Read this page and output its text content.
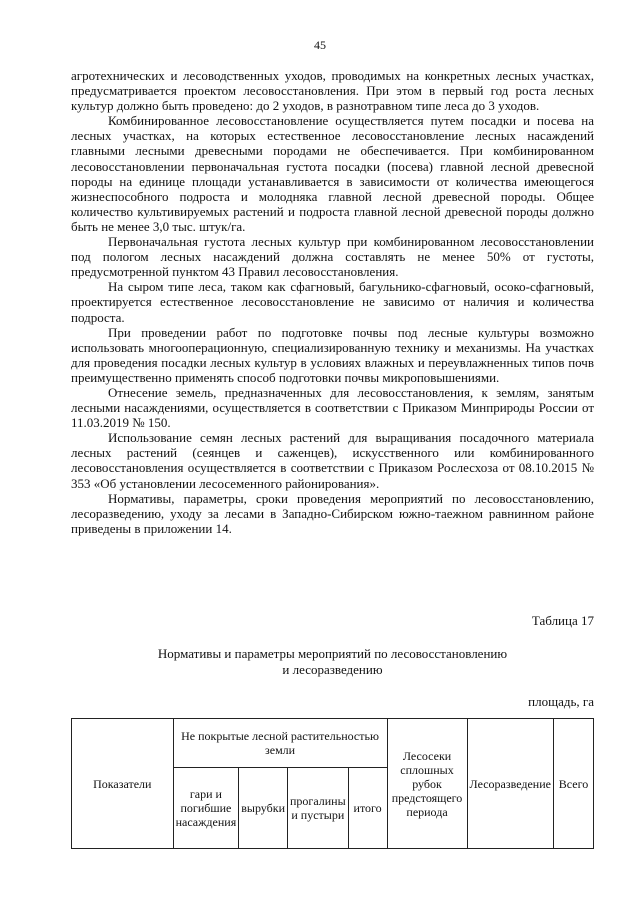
45

агротехнических и лесоводственных уходов, проводимых на конкретных лесных участках, предусматривается проектом лесовосстановления. При этом в первый год роста лесных культур должно быть проведено: до 2 уходов, в разнотравном типе леса до 3 уходов.

Комбинированное лесовосстановление осуществляется путем посадки и посева на лесных участках, на которых естественное лесовосстановление лесных насаждений главными лесными древесными породами не обеспечивается. При комбинированном лесовосстановлении первоначальная густота посадки (посева) главной лесной древесной породы на единице площади устанавливается в зависимости от количества имеющегося жизнеспособного подроста и молодняка главной лесной древесной породы. Общее количество культивируемых растений и подроста главной лесной древесной породы должно быть не менее 3,0 тыс. штук/га.

Первоначальная густота лесных культур при комбинированном лесовосстановлении под пологом лесных насаждений должна составлять не менее 50% от густоты, предусмотренной пунктом 43 Правил лесовосстановления.

На сыром типе леса, таком как сфагновый, багульнико-сфагновый, осоко-сфагновый, проектируется естественное лесовосстановление не зависимо от наличия и количества подроста.

При проведении работ по подготовке почвы под лесные культуры возможно использовать многооперационную, специализированную технику и механизмы. На участках для проведения посадки лесных культур в условиях влажных и переувлажненных типов почв преимущественно применять способ подготовки почвы микроповышениями.

Отнесение земель, предназначенных для лесовосстановления, к землям, занятым лесными насаждениями, осуществляется в соответствии с Приказом Минприроды России от 11.03.2019 № 150.

Использование семян лесных растений для выращивания посадочного материала лесных растений (сеянцев и саженцев), искусственного или комбинированного лесовосстановления осуществляется в соответствии с Приказом Рослесхоза от 08.10.2015 № 353 «Об установлении лесосеменного районирования».

Нормативы, параметры, сроки проведения мероприятий по лесовосстановлению, лесоразведению, уходу за лесами в Западно-Сибирском южно-таежном равнинном районе приведены в приложении 14.

Таблица 17
Нормативы и параметры мероприятий по лесовосстановлению
и лесоразведению
площадь, га
Показатели	Не покрытые лесной растительностью земли				Лесосеки сплошных рубок предстоящего периода	Лесоразведение	Всего
	гари и погибшие насаждения	вырубки	прогалины и пустыри	итого			
